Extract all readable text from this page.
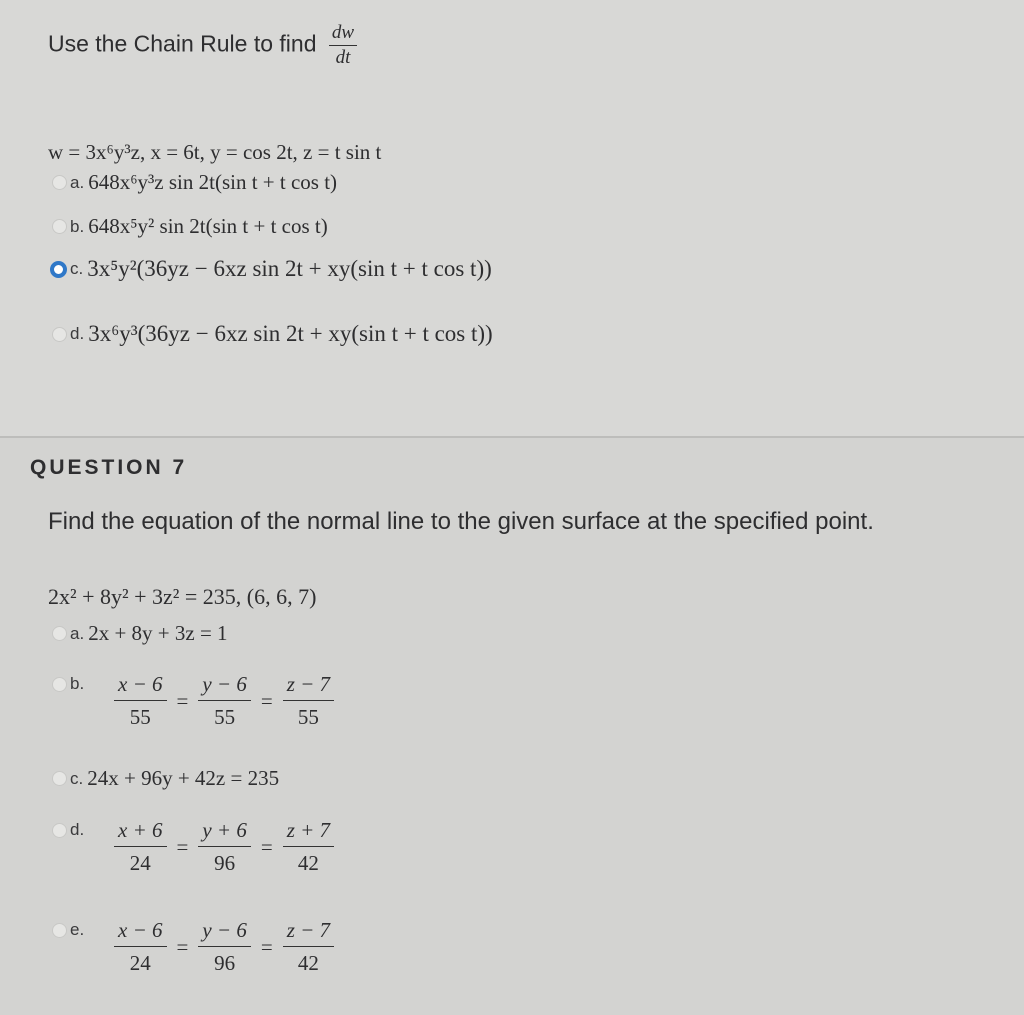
Use the Chain Rule to find $\frac{dw}{dt}$
w = 3x⁶y³z, x = 6t, y = cos 2t, z = t sin t
a. 648x⁶y³z sin 2t(sin t + t cos t)
b. 648x⁵y² sin 2t(sin t + t cos t)
c. 3x⁵y²(36yz − 6xz sin 2t + xy(sin t + t cos t))
d. 3x⁶y³(36yz − 6xz sin 2t + xy(sin t + t cos t))
QUESTION 7
Find the equation of the normal line to the given surface at the specified point.
2x² + 8y² + 3z² = 235, (6, 6, 7)
a. 2x + 8y + 3z = 1
b. $\frac{x - 6}{55} = \frac{y - 6}{55} = \frac{z - 7}{55}$
c. 24x + 96y + 42z = 235
d. $\frac{x + 6}{24} = \frac{y + 6}{96} = \frac{z + 7}{42}$
e. $\frac{x - 6}{24} = \frac{y - 6}{96} = \frac{z - 7}{42}$
